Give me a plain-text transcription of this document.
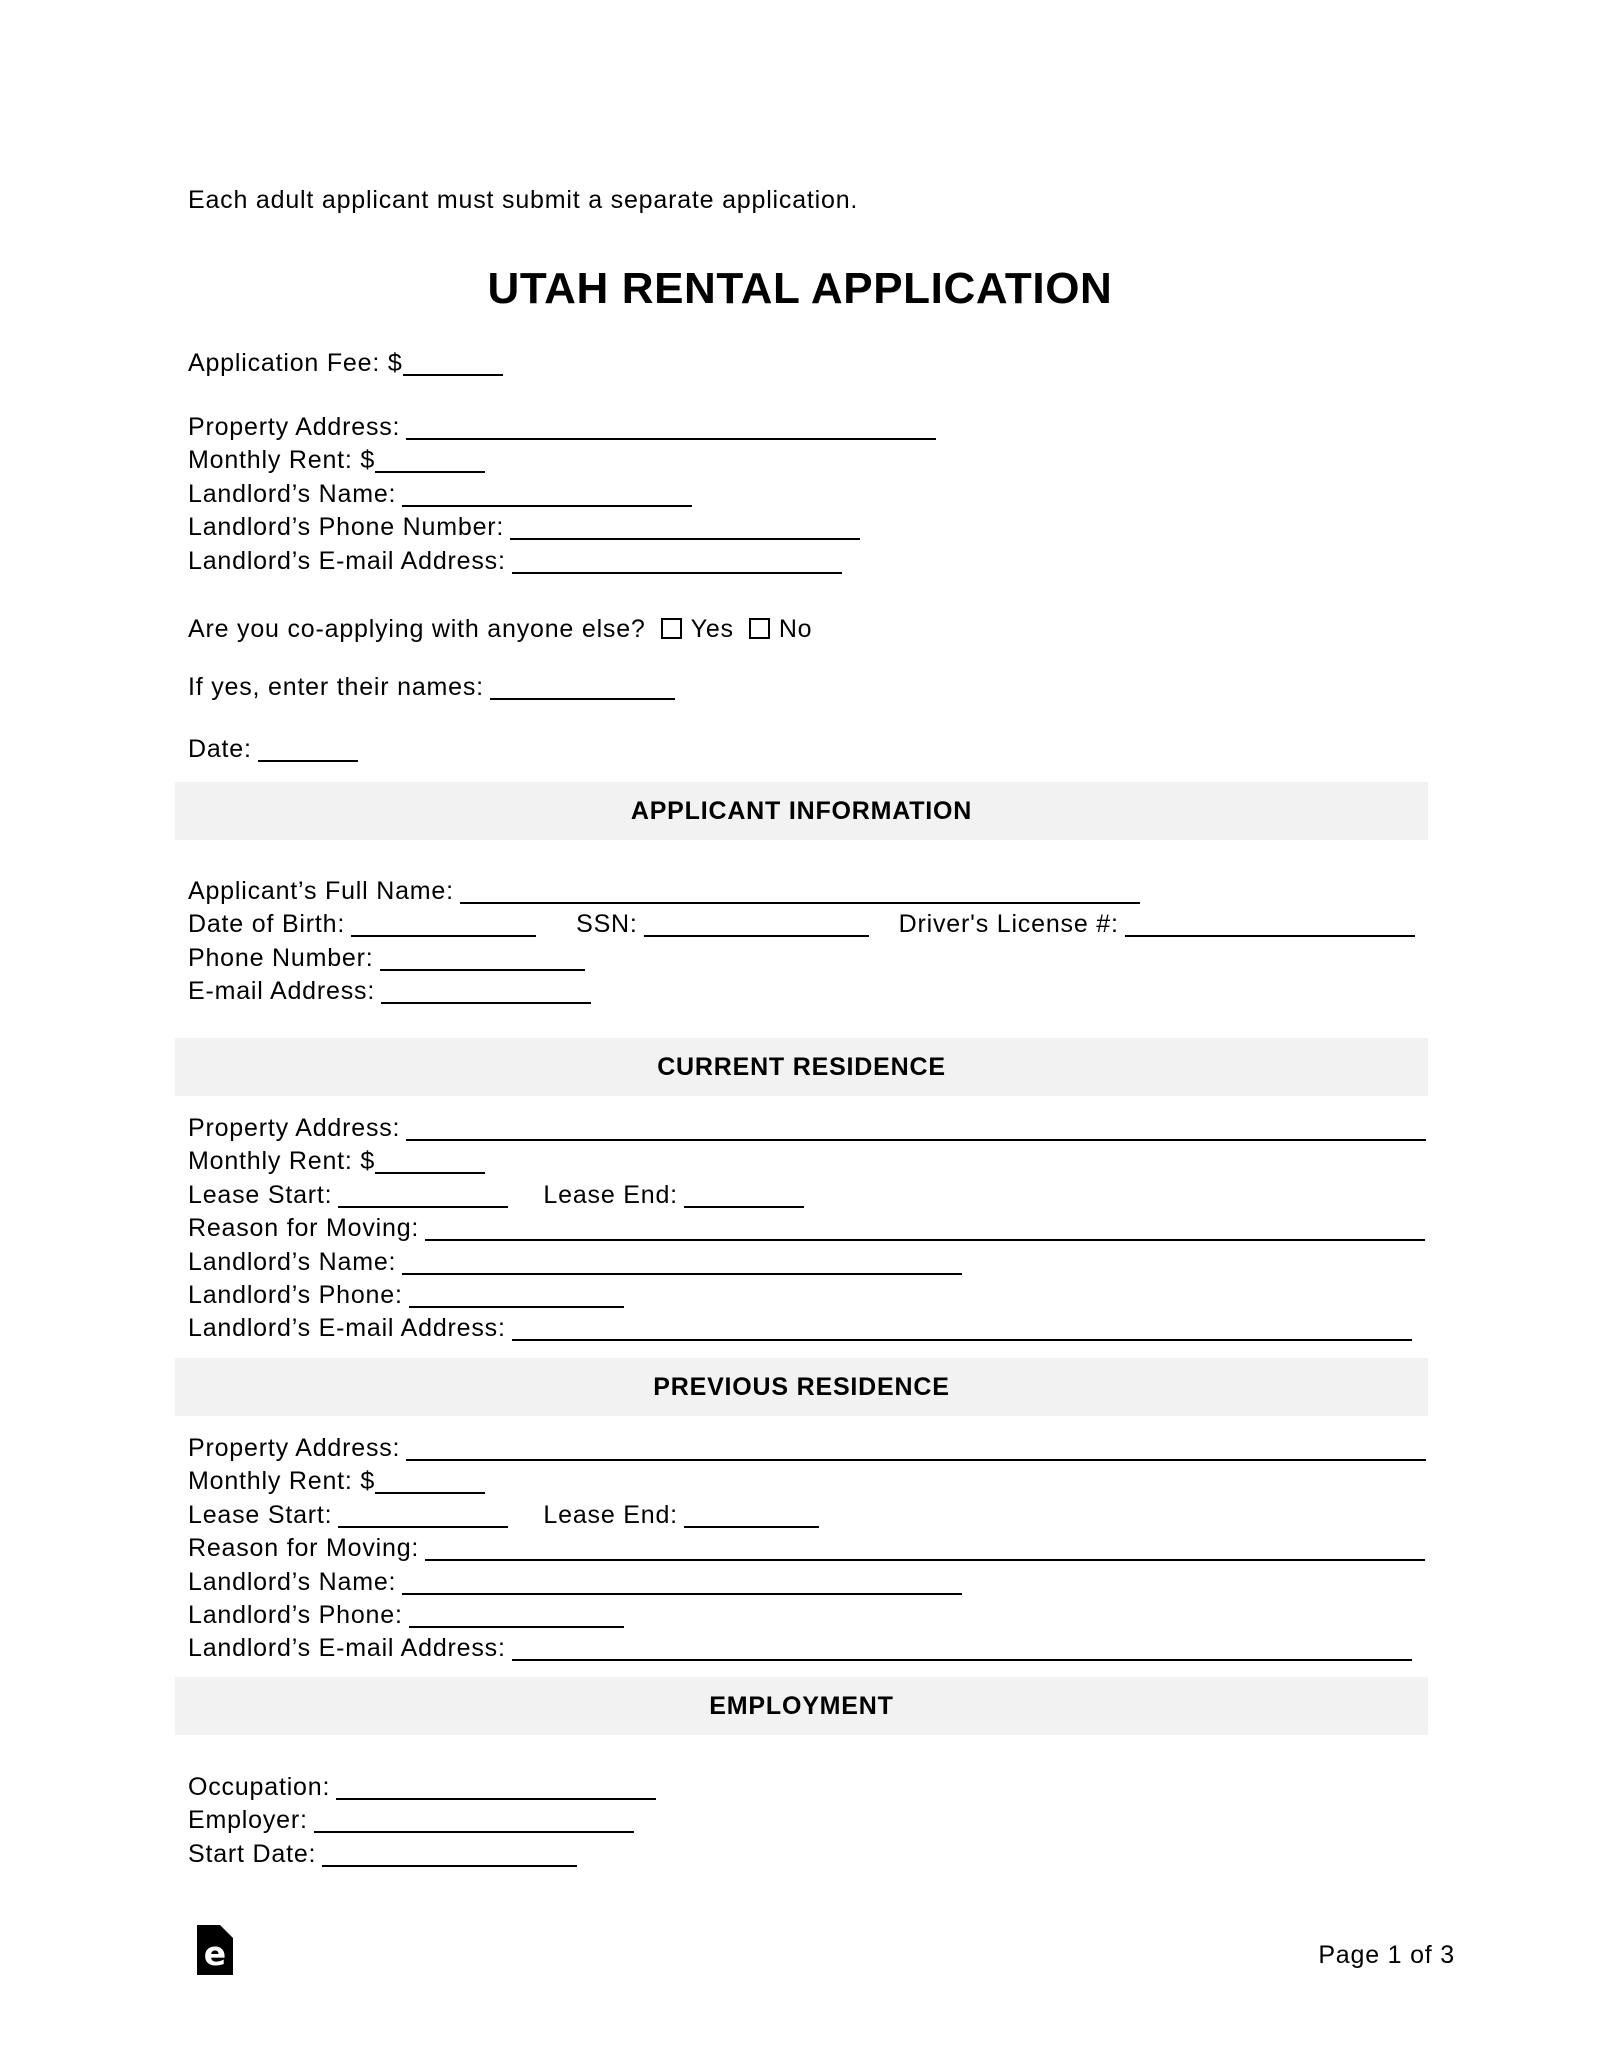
Each adult applicant must submit a separate application.
UTAH RENTAL APPLICATION
Application Fee: $
Property Address:
Monthly Rent: $
Landlord’s Name:
Landlord’s Phone Number:
Landlord’s E-mail Address:
Are you co-applying with anyone else? Yes No
If yes, enter their names:
Date:
APPLICANT INFORMATION
Applicant’s Full Name:
Date of Birth:	SSN:	Driver's License #:
Phone Number:
E-mail Address:
CURRENT RESIDENCE
Property Address:
Monthly Rent: $
Lease Start:	Lease End:
Reason for Moving:
Landlord’s Name:
Landlord’s Phone:
Landlord’s E-mail Address:
PREVIOUS RESIDENCE
Property Address:
Monthly Rent: $
Lease Start:	Lease End:
Reason for Moving:
Landlord’s Name:
Landlord’s Phone:
Landlord’s E-mail Address:
EMPLOYMENT
Occupation:
Employer:
Start Date:
e	Page 1 of 3
